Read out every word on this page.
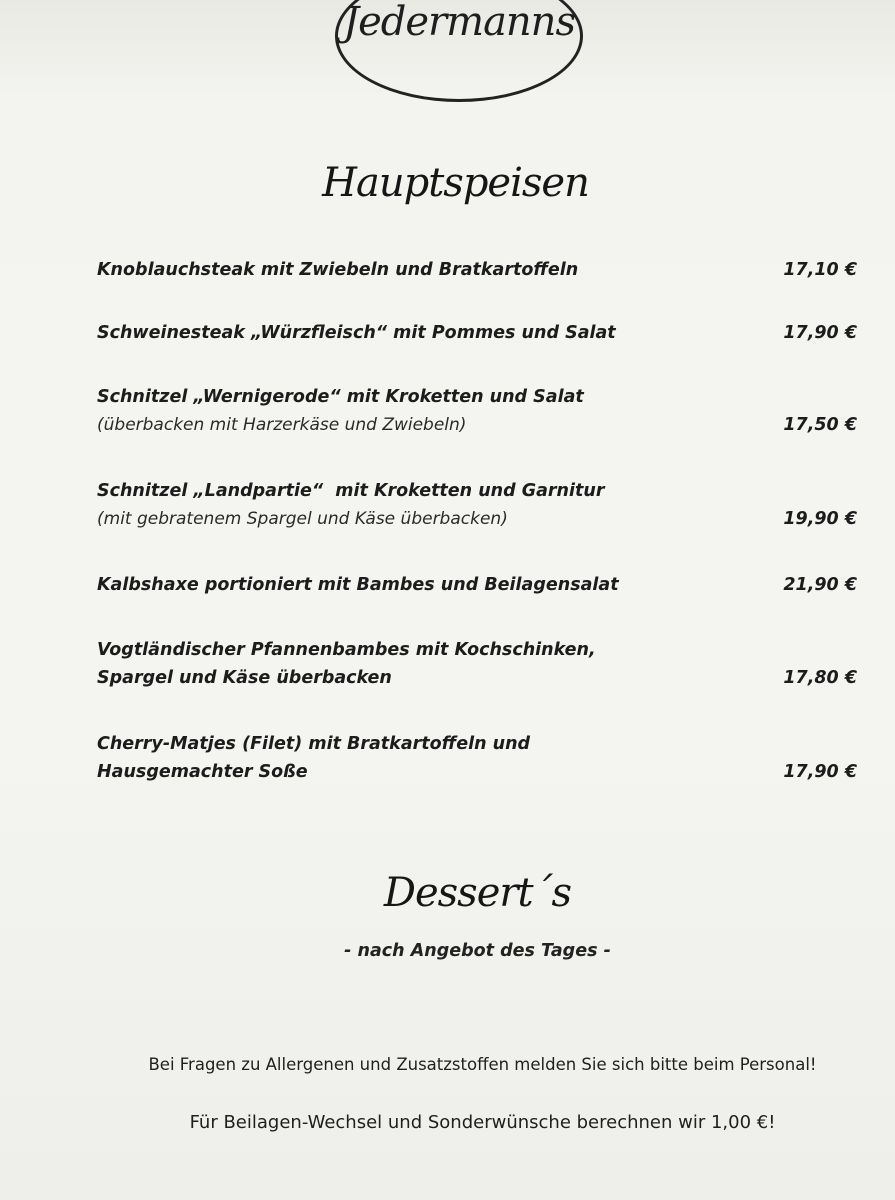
Jedermanns
Hauptspeisen
Knoblauchsteak mit Zwiebeln und Bratkartoffeln	17,10 €
Schweinesteak „Würzfleisch“ mit Pommes und Salat	17,90 €
Schnitzel „Wernigerode“ mit Kroketten und Salat
(überbacken mit Harzerkäse und Zwiebeln)	17,50 €
Schnitzel „Landpartie“  mit Kroketten und Garnitur
(mit gebratenem Spargel und Käse überbacken)	19,90 €
Kalbshaxe portioniert mit Bambes und Beilagensalat	21,90 €
Vogtländischer Pfannenbambes mit Kochschinken,
Spargel und Käse überbacken	17,80 €
Cherry-Matjes (Filet) mit Bratkartoffeln und
Hausgemachter Soße	17,90 €
Dessert´s
- nach Angebot des Tages -
Bei Fragen zu Allergenen und Zusatzstoffen melden Sie sich bitte beim Personal!
Für Beilagen-Wechsel und Sonderwünsche berechnen wir 1,00 €!
